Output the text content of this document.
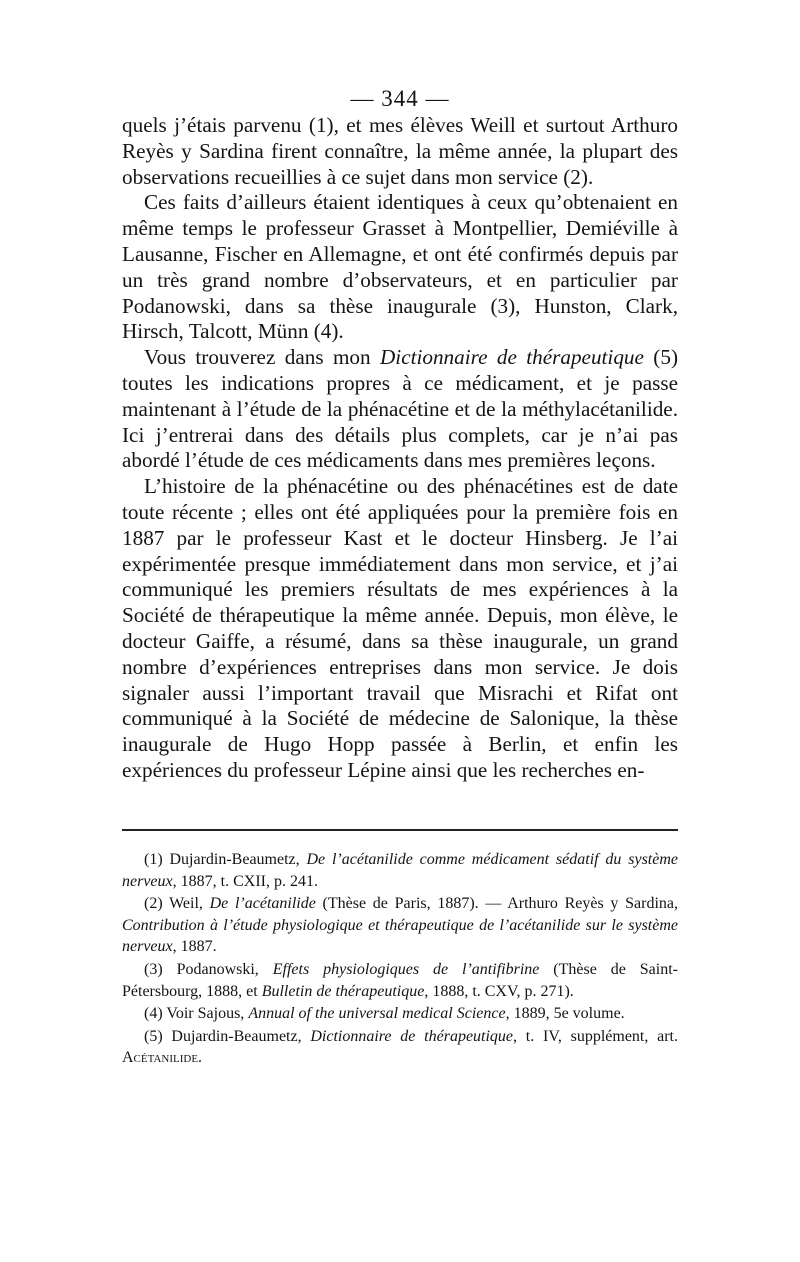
— 344 —

quels j’étais parvenu (1), et mes élèves Weill et surtout Arthuro Reyès y Sardina firent connaître, la même année, la plupart des observations recueillies à ce sujet dans mon service (2).

Ces faits d’ailleurs étaient identiques à ceux qu’obtenaient en même temps le professeur Grasset à Montpellier, Demiéville à Lausanne, Fischer en Allemagne, et ont été confirmés depuis par un très grand nombre d’observateurs, et en particulier par Podanowski, dans sa thèse inaugurale (3), Hunston, Clark, Hirsch, Talcott, Münn (4).

Vous trouverez dans mon Dictionnaire de thérapeutique (5) toutes les indications propres à ce médicament, et je passe maintenant à l’étude de la phénacétine et de la méthylacétanilide. Ici j’entrerai dans des détails plus complets, car je n’ai pas abordé l’étude de ces médicaments dans mes premières leçons.

L’histoire de la phénacétine ou des phénacétines est de date toute récente ; elles ont été appliquées pour la première fois en 1887 par le professeur Kast et le docteur Hinsberg. Je l’ai expérimentée presque immédiatement dans mon service, et j’ai communiqué les premiers résultats de mes expériences à la Société de thérapeutique la même année. Depuis, mon élève, le docteur Gaiffe, a résumé, dans sa thèse inaugurale, un grand nombre d’expériences entreprises dans mon service. Je dois signaler aussi l’important travail que Misrachi et Rifat ont communiqué à la Société de médecine de Salonique, la thèse inaugurale de Hugo Hopp passée à Berlin, et enfin les expériences du professeur Lépine ainsi que les recherches en-

(1) Dujardin-Beaumetz, De l’acétanilide comme médicament sédatif du système nerveux, 1887, t. CXII, p. 241.

(2) Weil, De l’acétanilide (Thèse de Paris, 1887). — Arthuro Reyès y Sardina, Contribution à l’étude physiologique et thérapeutique de l’acétanilide sur le système nerveux, 1887.

(3) Podanowski, Effets physiologiques de l’antifibrine (Thèse de Saint-Pétersbourg, 1888, et Bulletin de thérapeutique, 1888, t. CXV, p. 271).

(4) Voir Sajous, Annual of the universal medical Science, 1889, 5e volume.

(5) Dujardin-Beaumetz, Dictionnaire de thérapeutique, t. IV, supplément, art. Acétanilide.
